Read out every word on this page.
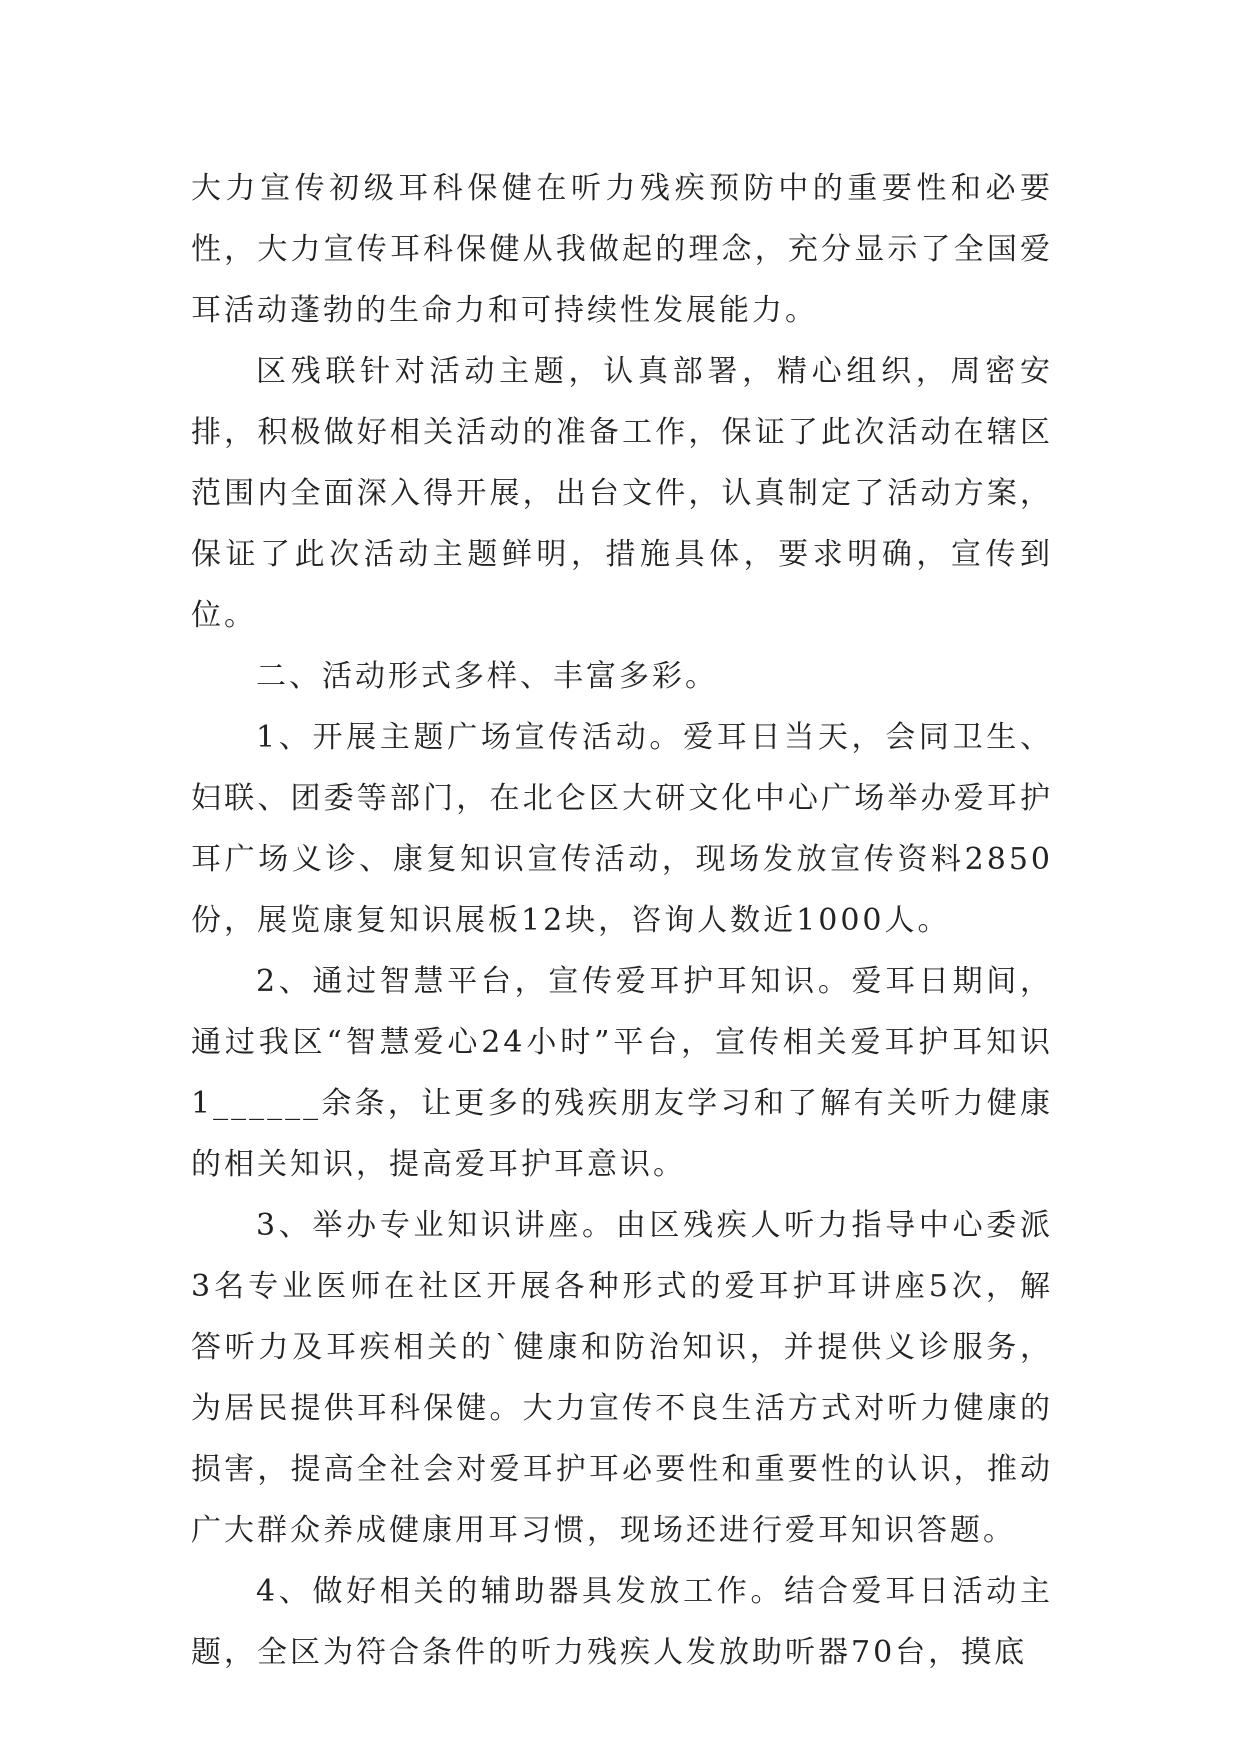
大力宣传初级耳科保健在听力残疾预防中的重要性和必要性，大力宣传耳科保健从我做起的理念，充分显示了全国爱耳活动蓬勃的生命力和可持续性发展能力。

区残联针对活动主题，认真部署，精心组织，周密安排，积极做好相关活动的准备工作，保证了此次活动在辖区范围内全面深入得开展，出台文件，认真制定了活动方案，保证了此次活动主题鲜明，措施具体，要求明确，宣传到位。

二、活动形式多样、丰富多彩。

1、开展主题广场宣传活动。爱耳日当天，会同卫生、妇联、团委等部门，在北仑区大研文化中心广场举办爱耳护耳广场义诊、康复知识宣传活动，现场发放宣传资料2850份，展览康复知识展板12块，咨询人数近1000人。

2、通过智慧平台，宣传爱耳护耳知识。爱耳日期间，通过我区“智慧爱心24小时”平台，宣传相关爱耳护耳知识1______余条，让更多的残疾朋友学习和了解有关听力健康的相关知识，提高爱耳护耳意识。

3、举办专业知识讲座。由区残疾人听力指导中心委派3名专业医师在社区开展各种形式的爱耳护耳讲座5次，解答听力及耳疾相关的`健康和防治知识，并提供义诊服务，为居民提供耳科保健。大力宣传不良生活方式对听力健康的损害，提高全社会对爱耳护耳必要性和重要性的认识，推动广大群众养成健康用耳习惯，现场还进行爱耳知识答题。

4、做好相关的辅助器具发放工作。结合爱耳日活动主题，全区为符合条件的听力残疾人发放助听器70台，摸底
